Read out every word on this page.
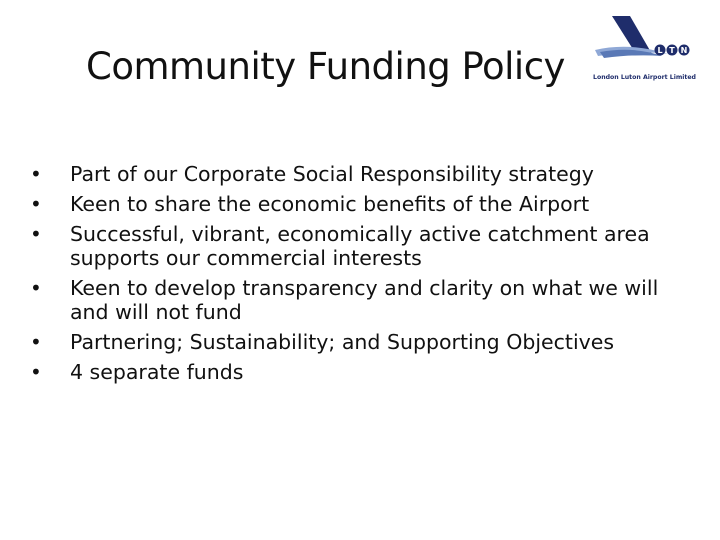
Community Funding Policy	L T N
London Luton Airport Limited
• Part of our Corporate Social Responsibility strategy
• Keen to share the economic benefits of the Airport
• Successful, vibrant, economically active catchment area supports our commercial interests
• Keen to develop transparency and clarity on what we will and will not fund
• Partnering; Sustainability; and Supporting Objectives
• 4 separate funds
